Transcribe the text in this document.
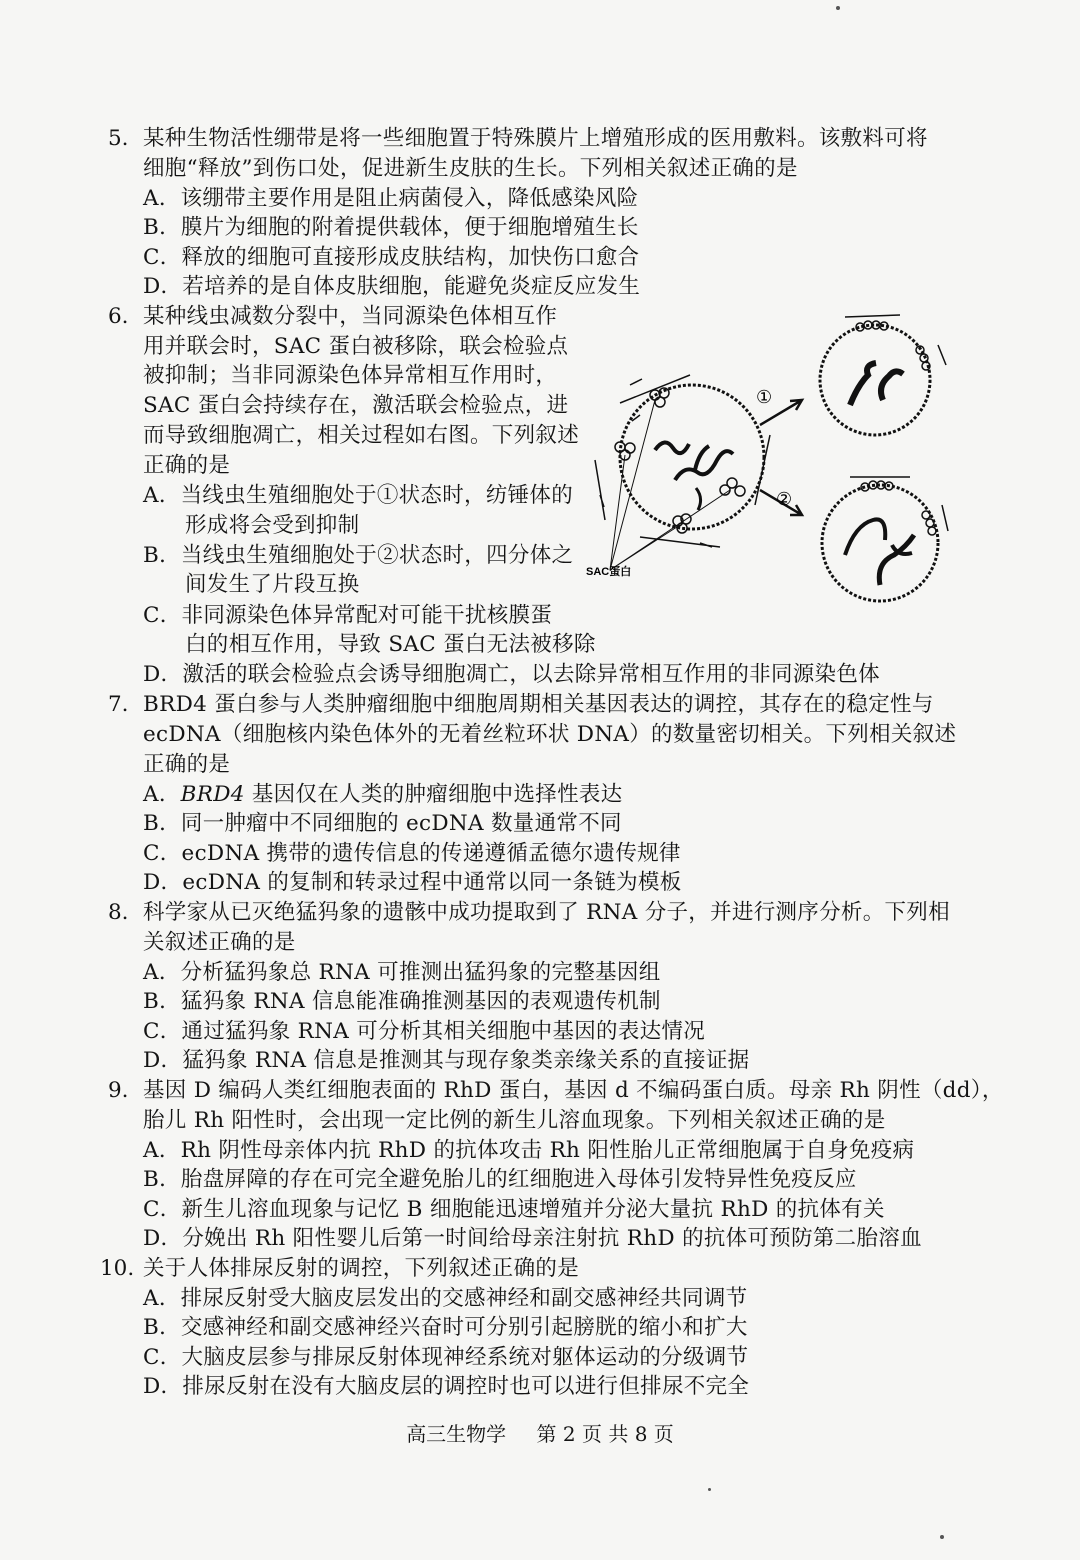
5. 某种生物活性绷带是将一些细胞置于特殊膜片上增殖形成的医用敷料。该敷料可将
细胞“释放”到伤口处，促进新生皮肤的生长。下列相关叙述正确的是
A．该绷带主要作用是阻止病菌侵入，降低感染风险
B．膜片为细胞的附着提供载体，便于细胞增殖生长
C．释放的细胞可直接形成皮肤结构，加快伤口愈合
D．若培养的是自体皮肤细胞，能避免炎症反应发生
6. 某种线虫减数分裂中，当同源染色体相互作
用并联会时，SAC 蛋白被移除，联会检验点
被抑制；当非同源染色体异常相互作用时，
SAC 蛋白会持续存在，激活联会检验点，进
而导致细胞凋亡，相关过程如右图。下列叙述
正确的是
A．当线虫生殖细胞处于①状态时，纺锤体的
形成将会受到抑制
B．当线虫生殖细胞处于②状态时，四分体之
间发生了片段互换
C．非同源染色体异常配对可能干扰核膜蛋
白的相互作用，导致 SAC 蛋白无法被移除
D．激活的联会检验点会诱导细胞凋亡，以去除异常相互作用的非同源染色体
①
②
SAC蛋白
7. BRD4 蛋白参与人类肿瘤细胞中细胞周期相关基因表达的调控，其存在的稳定性与
ecDNA（细胞核内染色体外的无着丝粒环状 DNA）的数量密切相关。下列相关叙述
正确的是
A．BRD4 基因仅在人类的肿瘤细胞中选择性表达
B．同一肿瘤中不同细胞的 ecDNA 数量通常不同
C．ecDNA 携带的遗传信息的传递遵循孟德尔遗传规律
D．ecDNA 的复制和转录过程中通常以同一条链为模板
8. 科学家从已灭绝猛犸象的遗骸中成功提取到了 RNA 分子，并进行测序分析。下列相
关叙述正确的是
A．分析猛犸象总 RNA 可推测出猛犸象的完整基因组
B．猛犸象 RNA 信息能准确推测基因的表观遗传机制
C．通过猛犸象 RNA 可分析其相关细胞中基因的表达情况
D．猛犸象 RNA 信息是推测其与现存象类亲缘关系的直接证据
9. 基因 D 编码人类红细胞表面的 RhD 蛋白，基因 d 不编码蛋白质。母亲 Rh 阴性（dd），
胎儿 Rh 阳性时，会出现一定比例的新生儿溶血现象。下列相关叙述正确的是
A．Rh 阴性母亲体内抗 RhD 的抗体攻击 Rh 阳性胎儿正常细胞属于自身免疫病
B．胎盘屏障的存在可完全避免胎儿的红细胞进入母体引发特异性免疫反应
C．新生儿溶血现象与记忆 B 细胞能迅速增殖并分泌大量抗 RhD 的抗体有关
D．分娩出 Rh 阳性婴儿后第一时间给母亲注射抗 RhD 的抗体可预防第二胎溶血
10. 关于人体排尿反射的调控，下列叙述正确的是
A．排尿反射受大脑皮层发出的交感神经和副交感神经共同调节
B．交感神经和副交感神经兴奋时可分别引起膀胱的缩小和扩大
C．大脑皮层参与排尿反射体现神经系统对躯体运动的分级调节
D．排尿反射在没有大脑皮层的调控时也可以进行但排尿不完全
高三生物学 第 2 页 共 8 页
